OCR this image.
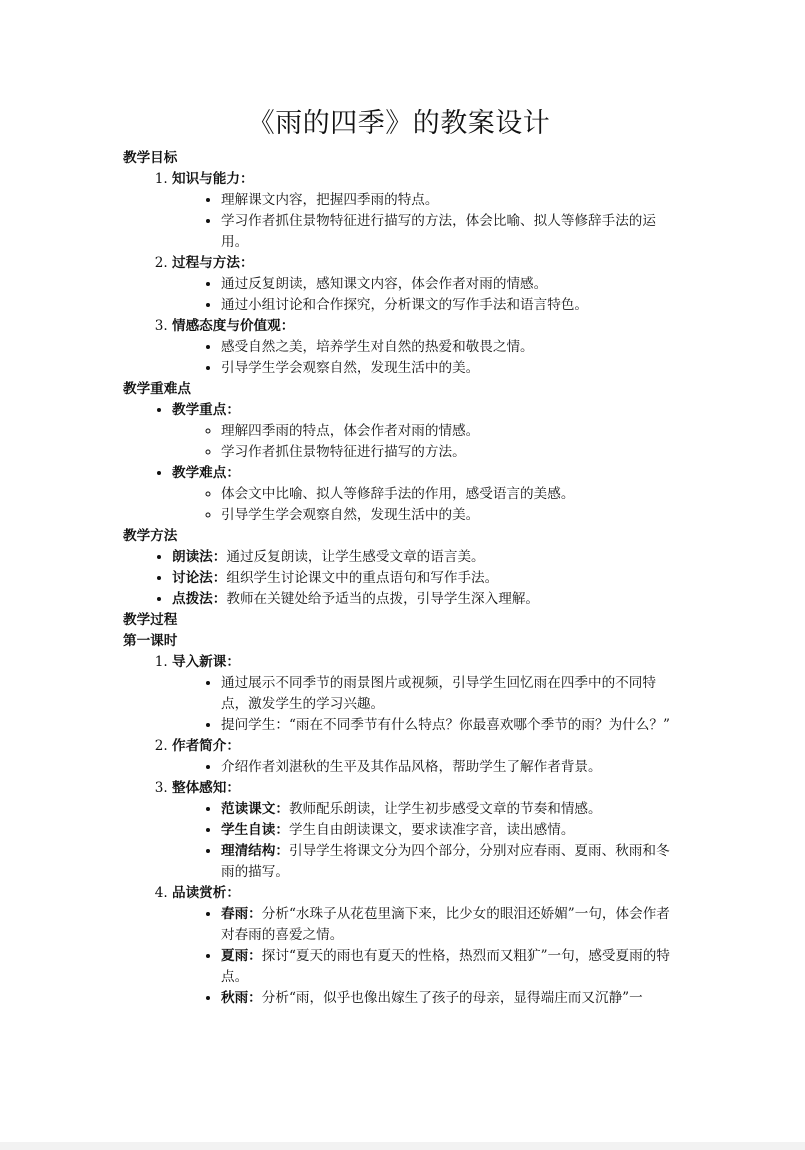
《雨的四季》的教案设计
教学目标
1. 知识与能力：
• 理解课文内容，把握四季雨的特点。
• 学习作者抓住景物特征进行描写的方法，体会比喻、拟人等修辞手法的运用。
2. 过程与方法：
• 通过反复朗读，感知课文内容，体会作者对雨的情感。
• 通过小组讨论和合作探究，分析课文的写作手法和语言特色。
3. 情感态度与价值观：
• 感受自然之美，培养学生对自然的热爱和敬畏之情。
• 引导学生学会观察自然，发现生活中的美。
教学重难点
• 教学重点：
◦ 理解四季雨的特点，体会作者对雨的情感。
◦ 学习作者抓住景物特征进行描写的方法。
• 教学难点：
◦ 体会文中比喻、拟人等修辞手法的作用，感受语言的美感。
◦ 引导学生学会观察自然，发现生活中的美。
教学方法
• 朗读法：通过反复朗读，让学生感受文章的语言美。
• 讨论法：组织学生讨论课文中的重点语句和写作手法。
• 点拨法：教师在关键处给予适当的点拨，引导学生深入理解。
教学过程
第一课时
1. 导入新课：
• 通过展示不同季节的雨景图片或视频，引导学生回忆雨在四季中的不同特点，激发学生的学习兴趣。
• 提问学生：“雨在不同季节有什么特点？你最喜欢哪个季节的雨？为什么？”
2. 作者简介：
• 介绍作者刘湛秋的生平及其作品风格，帮助学生了解作者背景。
3. 整体感知：
• 范读课文：教师配乐朗读，让学生初步感受文章的节奏和情感。
• 学生自读：学生自由朗读课文，要求读准字音，读出感情。
• 理清结构：引导学生将课文分为四个部分，分别对应春雨、夏雨、秋雨和冬雨的描写。
4. 品读赏析：
• 春雨：分析“水珠子从花苞里滴下来，比少女的眼泪还娇媚”一句，体会作者对春雨的喜爱之情。
• 夏雨：探讨“夏天的雨也有夏天的性格，热烈而又粗犷”一句，感受夏雨的特点。
• 秋雨：分析“雨，似乎也像出嫁生了孩子的母亲，显得端庄而又沉静”一
